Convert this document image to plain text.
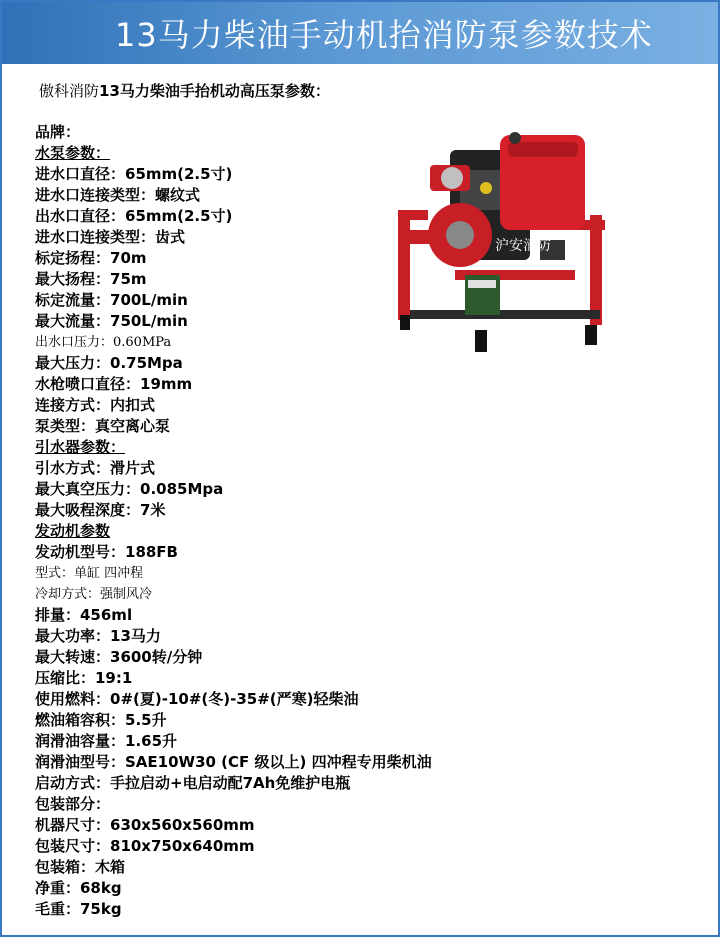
13马力柴油手动机抬消防泵参数技术
傲科消防13马力柴油手抬机动高压泵参数：
品牌：
水泵参数：
进水口直径：65mm(2.5寸)
进水口连接类型：螺纹式
出水口直径：65mm(2.5寸)
进水口连接类型：齿式
标定扬程：70m
最大扬程：75m
标定流量：700L/min
最大流量：750L/min
出水口压力：0.60MPa
最大压力：0.75Mpa
水枪喷口直径：19mm
连接方式：内扣式
泵类型：真空离心泵
引水器参数：
引水方式：滑片式
最大真空压力：0.085Mpa
最大吸程深度：7米
发动机参数
发动机型号：188FB
型式：单缸 四冲程
冷却方式：强制风冷
排量：456ml
最大功率：13马力
最大转速：3600转/分钟
压缩比：19:1
使用燃料：0#(夏)-10#(冬)-35#(严寒)轻柴油
燃油箱容积：5.5升
润滑油容量：1.65升
润滑油型号：SAE10W30 (CF 级以上) 四冲程专用柴机油
启动方式：手拉启动+电启动配7Ah免维护电瓶
包装部分：
机器尺寸：630x560x560mm
包装尺寸：810x750x640mm
包装箱：木箱
净重：68kg
毛重：75kg
沪安消防
